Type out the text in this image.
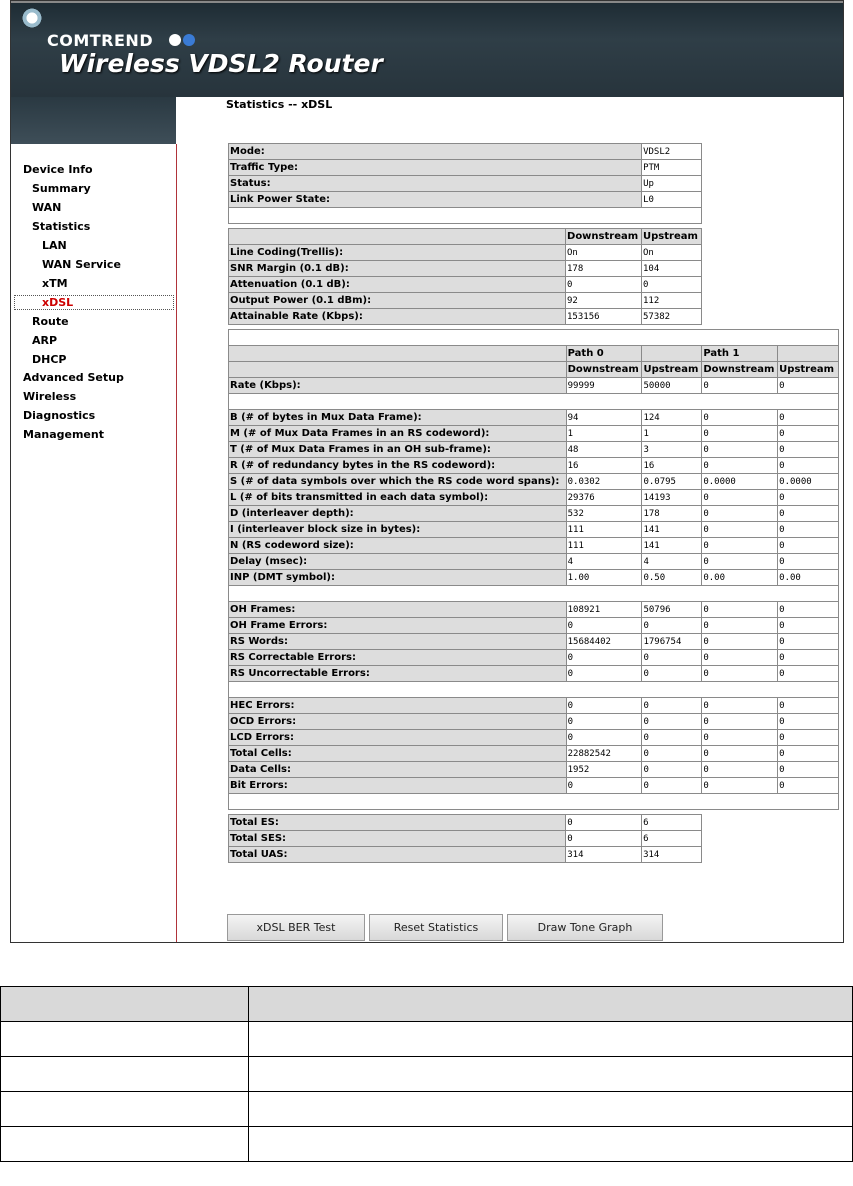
COMTREND
Wireless VDSL2 Router
Statistics -- xDSL
Device Info
Summary
WAN
Statistics
LAN
WAN Service
xTM
xDSL
Route
ARP
DHCP
Advanced Setup
Wireless
Diagnostics
Management
Mode:	VDSL2
Traffic Type:	PTM
Status:	Up
Link Power State:	L0

	Downstream	Upstream
Line Coding(Trellis):	On	On
SNR Margin (0.1 dB):	178	104
Attenuation (0.1 dB):	0	0
Output Power (0.1 dBm):	92	112
Attainable Rate (Kbps):	153156	57382

	Path 0		Path 1	
	Downstream	Upstream	Downstream	Upstream
Rate (Kbps):	99999	50000	0	0

B (# of bytes in Mux Data Frame):	94	124	0	0
M (# of Mux Data Frames in an RS codeword):	1	1	0	0
T (# of Mux Data Frames in an OH sub-frame):	48	3	0	0
R (# of redundancy bytes in the RS codeword):	16	16	0	0
S (# of data symbols over which the RS code word spans):	0.0302	0.0795	0.0000	0.0000
L (# of bits transmitted in each data symbol):	29376	14193	0	0
D (interleaver depth):	532	178	0	0
I (interleaver block size in bytes):	111	141	0	0
N (RS codeword size):	111	141	0	0
Delay (msec):	4	4	0	0
INP (DMT symbol):	1.00	0.50	0.00	0.00

OH Frames:	108921	50796	0	0
OH Frame Errors:	0	0	0	0
RS Words:	15684402	1796754	0	0
RS Correctable Errors:	0	0	0	0
RS Uncorrectable Errors:	0	0	0	0

HEC Errors:	0	0	0	0
OCD Errors:	0	0	0	0
LCD Errors:	0	0	0	0
Total Cells:	22882542	0	0	0
Data Cells:	1952	0	0	0
Bit Errors:	0	0	0	0

Total ES:	0	6
Total SES:	0	6
Total UAS:	314	314
xDSL BER Test	Reset Statistics	Draw Tone Graph
